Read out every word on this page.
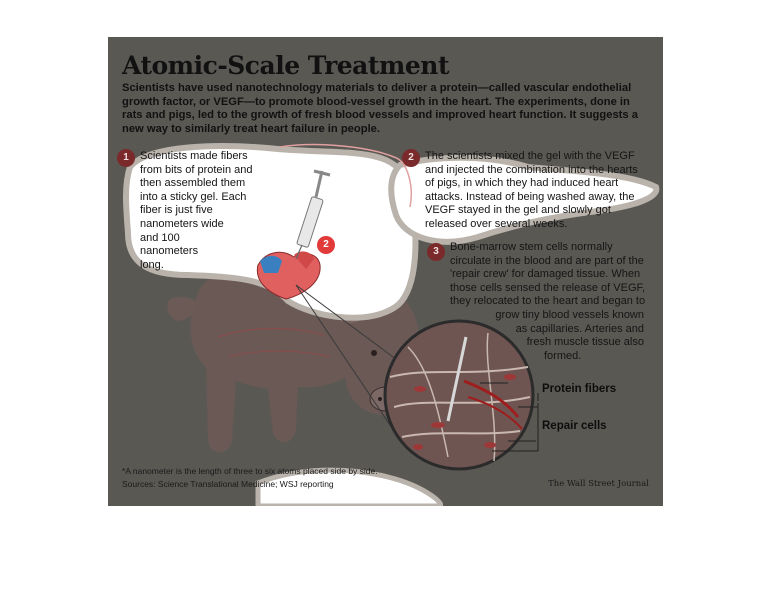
Atomic-Scale Treatment
Scientists have used nanotechnology materials to deliver a protein—called vascular endothelial growth factor, or VEGF—to promote blood-vessel growth in the heart. The experiments, done in rats and pigs, led to the growth of fresh blood vessels and improved heart function. It suggests a new way to similarly treat heart failure in people.
1	Scientists made fibers
from bits of protein and
then assembled them
into a sticky gel. Each
fiber is just five
nanometers wide
and 100
nanometers
long.
2
2	The scientists mixed the gel with the VEGF
and injected the combination into the hearts
of pigs, in which they had induced heart
attacks. Instead of being washed away, the
VEGF stayed in the gel and slowly got
released over several weeks.
3	Bone-marrow stem cells normally
circulate in the blood and are part of the
'repair crew' for damaged tissue. When
those cells sensed the release of VEGF,
they relocated to the heart and began to
grow tiny blood vessels known
as capillaries. Arteries and
fresh muscle tissue also
formed.
Protein fibers
Repair cells
*A nanometer is the length of three to six atoms placed side by side.
Sources: Science Translational Medicine; WSJ reporting	The Wall Street Journal
